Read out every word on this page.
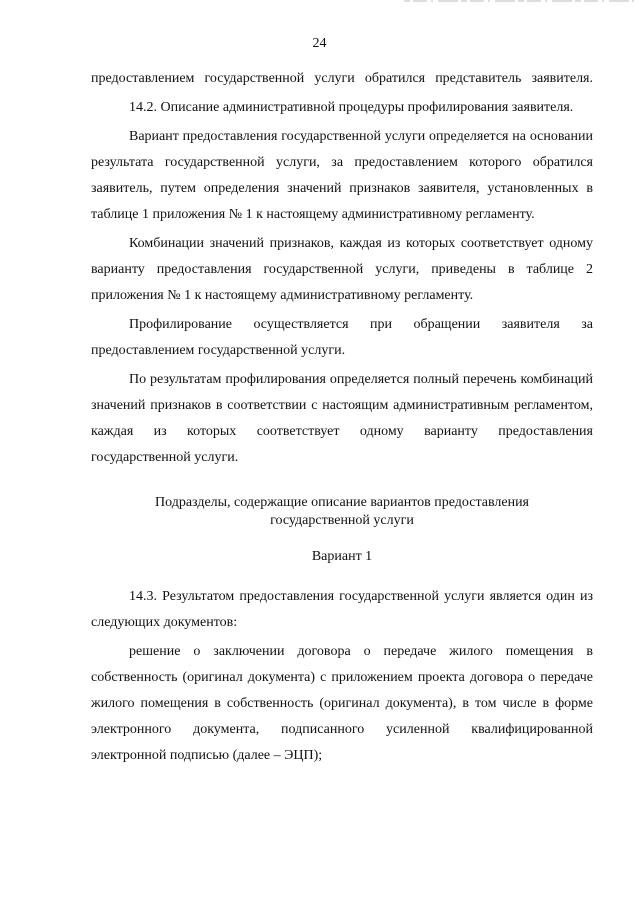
24

предоставлением государственной услуги обратился представитель заявителя.

14.2. Описание административной процедуры профилирования заявителя.

Вариант предоставления государственной услуги определяется на основании результата государственной услуги, за предоставлением которого обратился заявитель, путем определения значений признаков заявителя, установленных в таблице 1 приложения № 1 к настоящему административному регламенту.

Комбинации значений признаков, каждая из которых соответствует одному варианту предоставления государственной услуги, приведены в таблице 2 приложения № 1 к настоящему административному регламенту.

Профилирование осуществляется при обращении заявителя за предоставлением государственной услуги.

По результатам профилирования определяется полный перечень комбинаций значений признаков в соответствии с настоящим административным регламентом, каждая из которых соответствует одному варианту предоставления государственной услуги.

Подразделы, содержащие описание вариантов предоставления государственной услуги

Вариант 1

14.3. Результатом предоставления государственной услуги является один из следующих документов:

решение о заключении договора о передаче жилого помещения в собственность (оригинал документа) с приложением проекта договора о передаче жилого помещения в собственность (оригинал документа), в том числе в форме электронного документа, подписанного усиленной квалифицированной электронной подписью (далее – ЭЦП);
